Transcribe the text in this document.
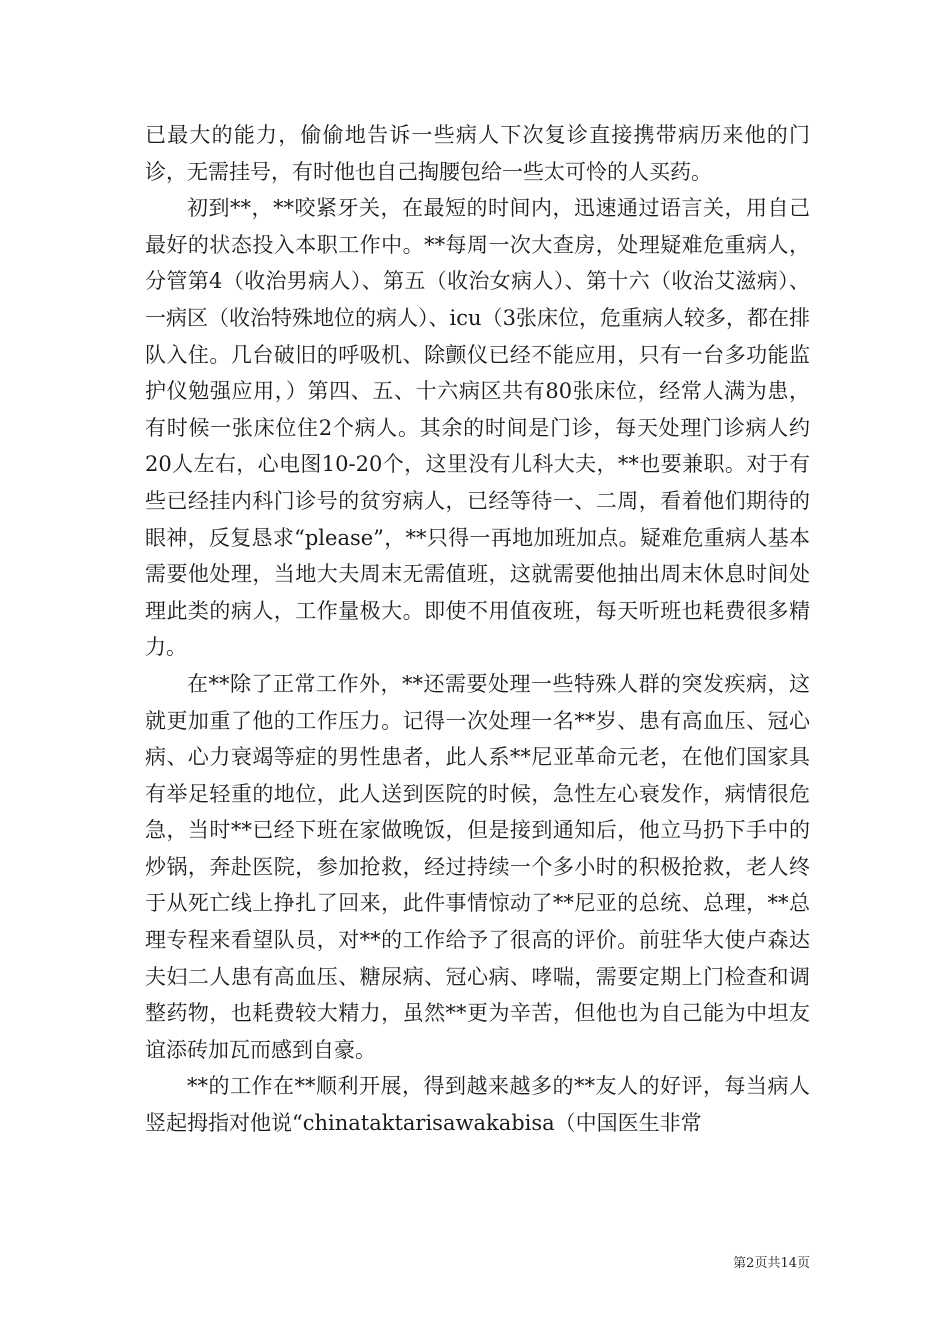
已最大的能力，偷偷地告诉一些病人下次复诊直接携带病历来他的门诊，无需挂号，有时他也自己掏腰包给一些太可怜的人买药。

初到**，**咬紧牙关，在最短的时间内，迅速通过语言关，用自己最好的状态投入本职工作中。**每周一次大查房，处理疑难危重病人，分管第4（收治男病人）、第五（收治女病人）、第十六（收治艾滋病）、一病区（收治特殊地位的病人）、icu（3张床位，危重病人较多，都在排队入住。几台破旧的呼吸机、除颤仪已经不能应用，只有一台多功能监护仪勉强应用，）第四、五、十六病区共有80张床位，经常人满为患，有时候一张床位住2个病人。其余的时间是门诊，每天处理门诊病人约20人左右，心电图10-20个，这里没有儿科大夫，**也要兼职。对于有些已经挂内科门诊号的贫穷病人，已经等待一、二周，看着他们期待的眼神，反复恳求“please”，**只得一再地加班加点。疑难危重病人基本需要他处理，当地大夫周末无需值班，这就需要他抽出周末休息时间处理此类的病人，工作量极大。即使不用值夜班，每天听班也耗费很多精力。

在**除了正常工作外，**还需要处理一些特殊人群的突发疾病，这就更加重了他的工作压力。记得一次处理一名**岁、患有高血压、冠心病、心力衰竭等症的男性患者，此人系**尼亚革命元老，在他们国家具有举足轻重的地位，此人送到医院的时候，急性左心衰发作，病情很危急，当时**已经下班在家做晚饭，但是接到通知后，他立马扔下手中的炒锅，奔赴医院，参加抢救，经过持续一个多小时的积极抢救，老人终于从死亡线上挣扎了回来，此件事情惊动了**尼亚的总统、总理，**总理专程来看望队员，对**的工作给予了很高的评价。前驻华大使卢森达夫妇二人患有高血压、糖尿病、冠心病、哮喘，需要定期上门检查和调整药物，也耗费较大精力，虽然**更为辛苦，但他也为自己能为中坦友谊添砖加瓦而感到自豪。

**的工作在**顺利开展，得到越来越多的**友人的好评，每当病人竖起拇指对他说“chinataktarisawakabisa（中国医生非常

第2页共14页
